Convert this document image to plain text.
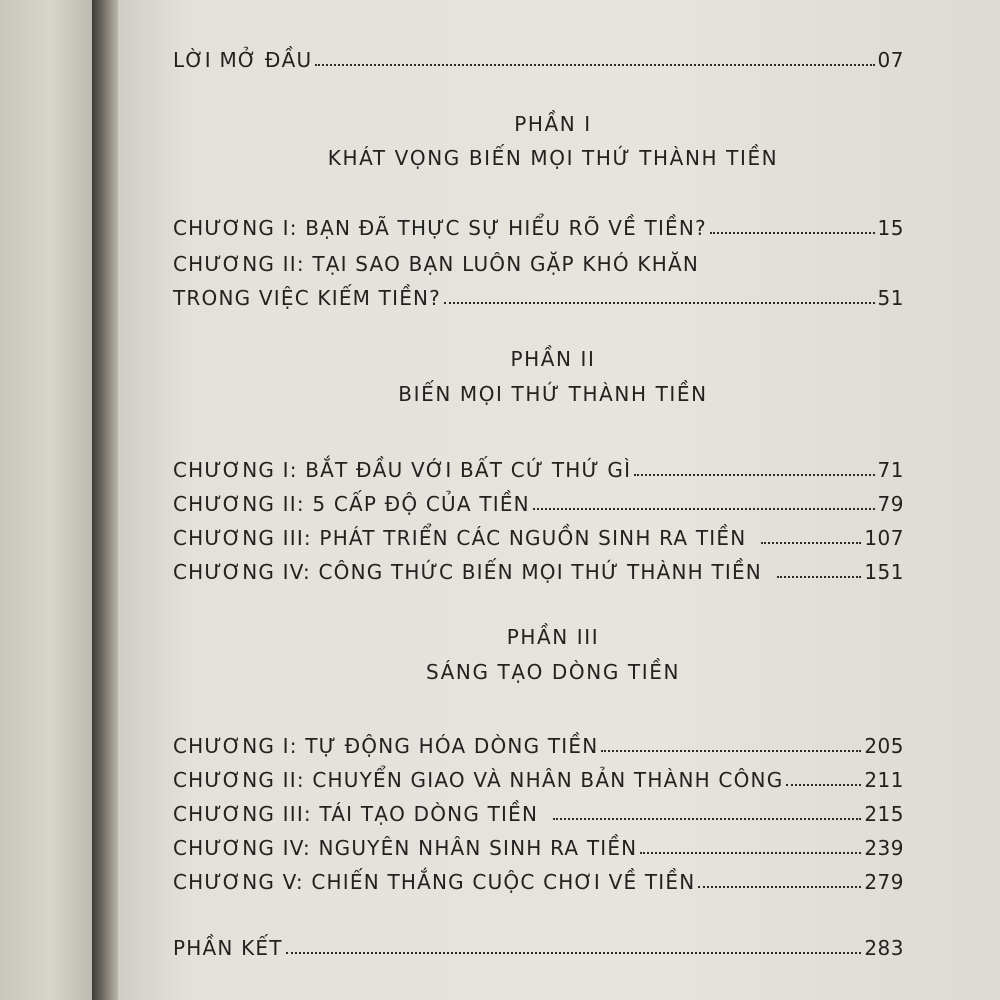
LỜI MỞ ĐẦU	07
PHẦN I
KHÁT VỌNG BIẾN MỌI THỨ THÀNH TIỀN
CHƯƠNG I: BẠN ĐÃ THỰC SỰ HIỂU RÕ VỀ TIỀN?	15
CHƯƠNG II: TẠI SAO BẠN LUÔN GẶP KHÓ KHĂN
TRONG VIỆC KIẾM TIỀN?	51
PHẦN II
BIẾN MỌI THỨ THÀNH TIỀN
CHƯƠNG I: BẮT ĐẦU VỚI BẤT CỨ THỨ GÌ	71
CHƯƠNG II: 5 CẤP ĐỘ CỦA TIỀN	79
CHƯƠNG III: PHÁT TRIỂN CÁC NGUỒN SINH RA TIỀN	107
CHƯƠNG IV: CÔNG THỨC BIẾN MỌI THỨ THÀNH TIỀN	151
PHẦN III
SÁNG TẠO DÒNG TIỀN
CHƯƠNG I: TỰ ĐỘNG HÓA DÒNG TIỀN	205
CHƯƠNG II: CHUYỂN GIAO VÀ NHÂN BẢN THÀNH CÔNG	211
CHƯƠNG III: TÁI TẠO DÒNG TIỀN	215
CHƯƠNG IV: NGUYÊN NHÂN SINH RA TIỀN	239
CHƯƠNG V: CHIẾN THẮNG CUỘC CHƠI VỀ TIỀN	279
PHẦN KẾT	283
